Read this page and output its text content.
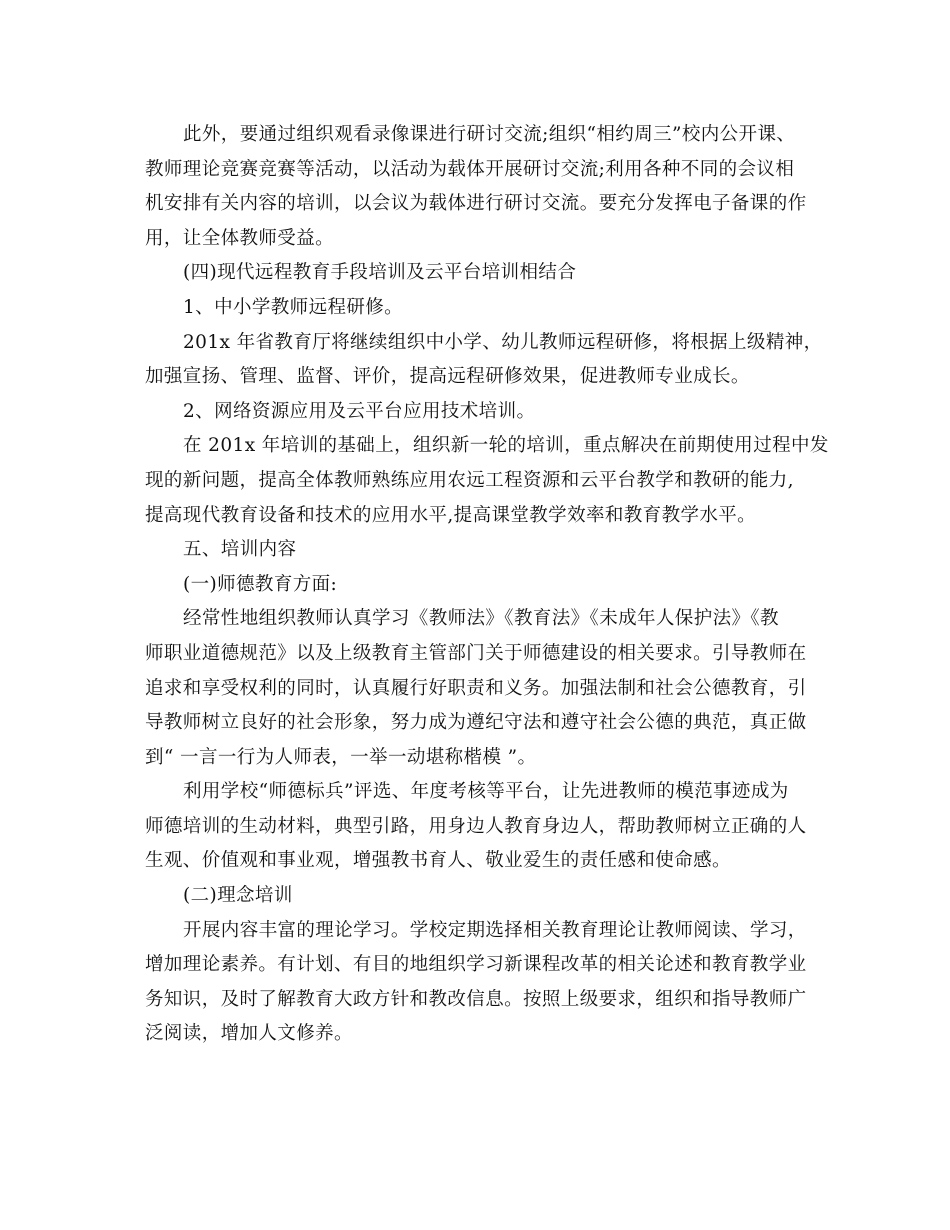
此外，要通过组织观看录像课进行研讨交流;组织“相约周三”校内公开课、
教师理论竞赛竞赛等活动，以活动为载体开展研讨交流;利用各种不同的会议相
机安排有关内容的培训，以会议为载体进行研讨交流。要充分发挥电子备课的作
用，让全体教师受益。
(四)现代远程教育手段培训及云平台培训相结合
1、中小学教师远程研修。
201x 年省教育厅将继续组织中小学、幼儿教师远程研修，将根据上级精神，
加强宣扬、管理、监督、评价，提高远程研修效果，促进教师专业成长。
2、网络资源应用及云平台应用技术培训。
在 201x 年培训的基础上，组织新一轮的培训，重点解决在前期使用过程中发
现的新问题，提高全体教师熟练应用农远工程资源和云平台教学和教研的能力,
提高现代教育设备和技术的应用水平,提高课堂教学效率和教育教学水平。
五、培训内容
(一)师德教育方面:
经常性地组织教师认真学习《教师法》《教育法》《未成年人保护法》《教
师职业道德规范》以及上级教育主管部门关于师德建设的相关要求。引导教师在
追求和享受权利的同时，认真履行好职责和义务。加强法制和社会公德教育，引
导教师树立良好的社会形象，努力成为遵纪守法和遵守社会公德的典范，真正做
到“ 一言一行为人师表，一举一动堪称楷模 ”。
利用学校“师德标兵”评选、年度考核等平台，让先进教师的模范事迹成为
师德培训的生动材料，典型引路，用身边人教育身边人，帮助教师树立正确的人
生观、价值观和事业观，增强教书育人、敬业爱生的责任感和使命感。
(二)理念培训
开展内容丰富的理论学习。学校定期选择相关教育理论让教师阅读、学习，
增加理论素养。有计划、有目的地组织学习新课程改革的相关论述和教育教学业
务知识，及时了解教育大政方针和教改信息。按照上级要求，组织和指导教师广
泛阅读，增加人文修养。
